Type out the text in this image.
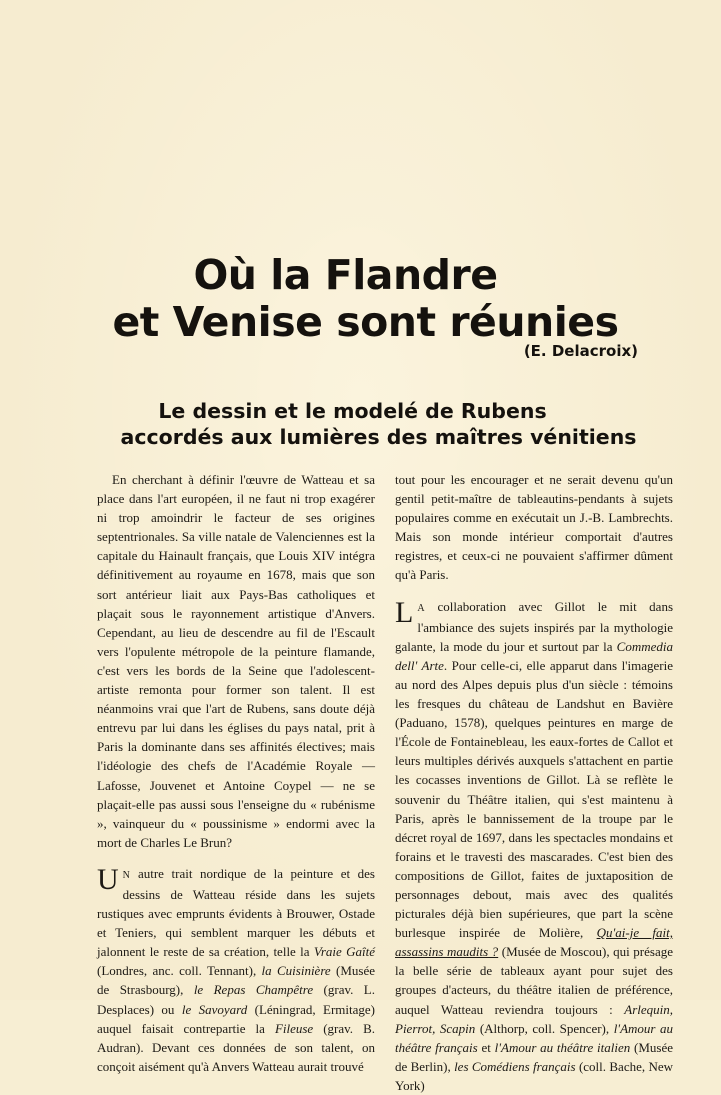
Où la Flandre
et Venise sont réunies
(E. Delacroix)
Le dessin et le modelé de Rubens
accordés aux lumières des maîtres vénitiens

En cherchant à définir l'œuvre de Watteau et sa place dans l'art européen, il ne faut ni trop exagérer ni trop amoindrir le facteur de ses origines septentrionales. Sa ville natale de Valenciennes est la capitale du Hainault français, que Louis XIV intégra définitivement au royaume en 1678, mais que son sort antérieur liait aux Pays-Bas catholiques et plaçait sous le rayonnement artistique d'Anvers. Cependant, au lieu de descendre au fil de l'Escault vers l'opulente métropole de la peinture flamande, c'est vers les bords de la Seine que l'adolescent-artiste remonta pour former son talent. Il est néanmoins vrai que l'art de Rubens, sans doute déjà entrevu par lui dans les églises du pays natal, prit à Paris la dominante dans ses affinités électives; mais l'idéologie des chefs de l'Académie Royale — Lafosse, Jouvenet et Antoine Coypel — ne se plaçait-elle pas aussi sous l'enseigne du « rubénisme », vainqueur du « poussinisme » endormi avec la mort de Charles Le Brun?

U N autre trait nordique de la peinture et des dessins de Watteau réside dans les sujets rustiques avec emprunts évidents à Brouwer, Ostade et Teniers, qui semblent marquer les débuts et jalonnent le reste de sa création, telle la Vraie Gaîté (Londres, anc. coll. Tennant), la Cuisinière (Musée de Strasbourg), le Repas Champêtre (grav. L. Desplaces) ou le Savoyard (Léningrad, Ermitage) auquel faisait contrepartie la Fileuse (grav. B. Audran). Devant ces données de son talent, on conçoit aisément qu'à Anvers Watteau aurait trouvé

tout pour les encourager et ne serait devenu qu'un gentil petit-maître de tableautins-pendants à sujets populaires comme en exécutait un J.-B. Lambrechts. Mais son monde intérieur comportait d'autres registres, et ceux-ci ne pouvaient s'affirmer dûment qu'à Paris.

L A collaboration avec Gillot le mit dans l'ambiance des sujets inspirés par la mythologie galante, la mode du jour et surtout par la Commedia dell' Arte. Pour celle-ci, elle apparut dans l'imagerie au nord des Alpes depuis plus d'un siècle : témoins les fresques du château de Landshut en Bavière (Paduano, 1578), quelques peintures en marge de l'École de Fontainebleau, les eaux-fortes de Callot et leurs multiples dérivés auxquels s'attachent en partie les cocasses inventions de Gillot. Là se reflète le souvenir du Théâtre italien, qui s'est maintenu à Paris, après le bannissement de la troupe par le décret royal de 1697, dans les spectacles mondains et forains et le travesti des mascarades. C'est bien des compositions de Gillot, faites de juxtaposition de personnages debout, mais avec des qualités picturales déjà bien supérieures, que part la scène burlesque inspirée de Molière, Qu'ai-je fait, assassins maudits ? (Musée de Moscou), qui présage la belle série de tableaux ayant pour sujet des groupes d'acteurs, du théâtre italien de préférence, auquel Watteau reviendra toujours : Arlequin, Pierrot, Scapin (Althorp, coll. Spencer), l'Amour au théâtre français et l'Amour au théâtre italien (Musée de Berlin), les Comédiens français (coll. Bache, New York)
